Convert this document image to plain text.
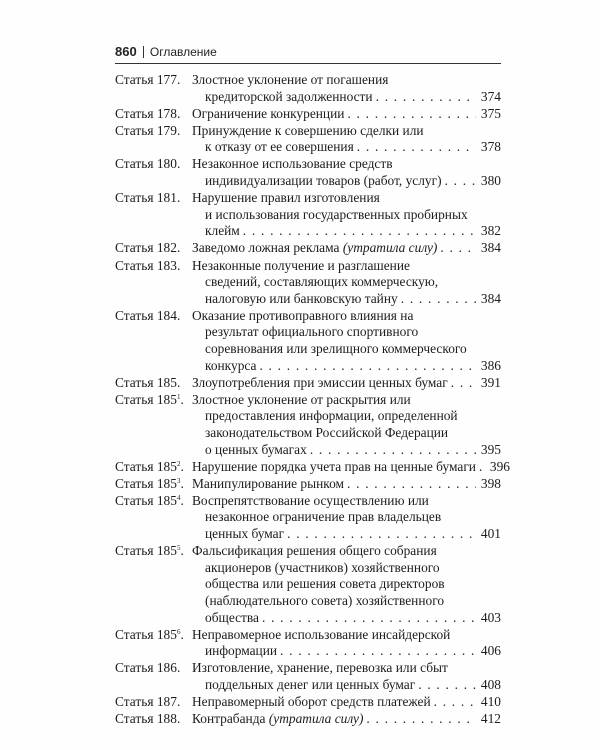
860 Оглавление
Статья 177. Злостное уклонение от погашения
кредиторской задолженности . . .	374
Статья 178. Ограничение конкуренции . . .	375
Статья 179. Принуждение к совершению сделки или
к отказу от ее совершения . . .	378
Статья 180. Незаконное использование средств
индивидуализации товаров (работ, услуг) . . .	380
Статья 181. Нарушение правил изготовления
и использования государственных пробирных
клейм . . .	382
Статья 182. Заведомо ложная реклама (утратила силу) . . .	384
Статья 183. Незаконные получение и разглашение
сведений, составляющих коммерческую,
налоговую или банковскую тайну . . .	384
Статья 184. Оказание противоправного влияния на
результат официального спортивного
соревнования или зрелищного коммерческого
конкурса . . .	386
Статья 185. Злоупотребления при эмиссии ценных бумаг . . . 391
Статья $185^1$. Злостное уклонение от раскрытия или
предоставления информации, определенной
законодательством Российской Федерации
о ценных бумагах . . .	395
Статья $185^2$. Нарушение порядка учета прав на ценные бумаги . . . 396
Статья $185^3$. Манипулирование рынком . . .	398
Статья $185^4$. Воспрепятствование осуществлению или
незаконное ограничение прав владельцев
ценных бумаг . . .	401
Статья $185^5$. Фальсификация решения общего собрания
акционеров (участников) хозяйственного
общества или решения совета директоров
(наблюдательного совета) хозяйственного
общества . . .	403
Статья $185^6$. Неправомерное использование инсайдерской
информации . . .	406
Статья 186. Изготовление, хранение, перевозка или сбыт
поддельных денег или ценных бумаг . . .	408
Статья 187. Неправомерный оборот средств платежей . . .	410
Статья 188. Контрабанда (утратила силу) . . .	412
